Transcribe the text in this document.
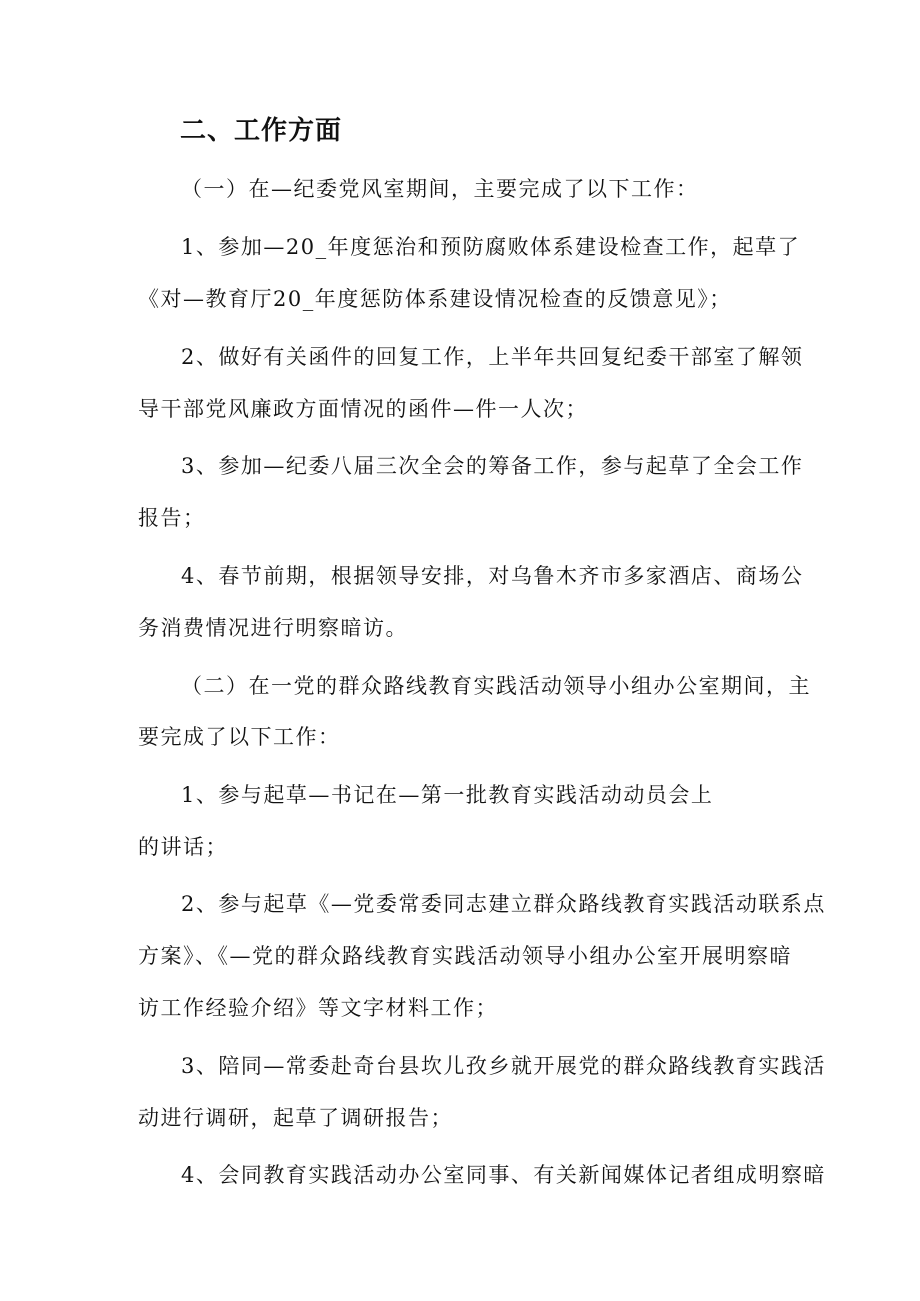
二、工作方面
（一）在—纪委党风室期间，主要完成了以下工作：
1、参加—20_年度惩治和预防腐败体系建设检查工作，起草了
《对—教育厅20_年度惩防体系建设情况检查的反馈意见》；
2、做好有关函件的回复工作，上半年共回复纪委干部室了解领
导干部党风廉政方面情况的函件—件一人次；
3、参加—纪委八届三次全会的筹备工作，参与起草了全会工作
报告；
4、春节前期，根据领导安排，对乌鲁木齐市多家酒店、商场公
务消费情况进行明察暗访。
（二）在一党的群众路线教育实践活动领导小组办公室期间，主
要完成了以下工作：
1、参与起草—书记在—第一批教育实践活动动员会上
的讲话；
2、参与起草《—党委常委同志建立群众路线教育实践活动联系点
方案》、《—党的群众路线教育实践活动领导小组办公室开展明察暗
访工作经验介绍》等文字材料工作；
3、陪同—常委赴奇台县坎儿孜乡就开展党的群众路线教育实践活
动进行调研，起草了调研报告；
4、会同教育实践活动办公室同事、有关新闻媒体记者组成明察暗
